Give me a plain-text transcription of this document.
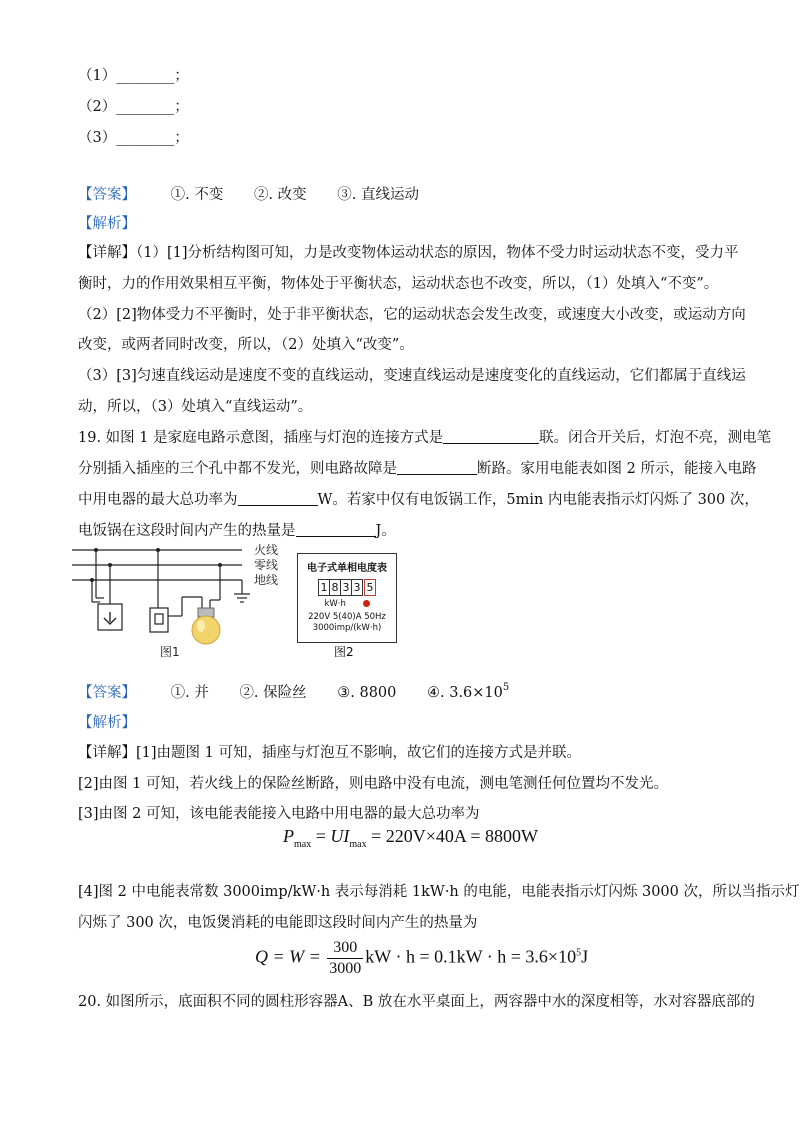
（1）________；
（2）________；
（3）________；
【答案】 ①. 不变 ②. 改变 ③. 直线运动
【解析】
【详解】（1）[1]分析结构图可知，力是改变物体运动状态的原因，物体不受力时运动状态不变，受力平
衡时，力的作用效果相互平衡，物体处于平衡状态，运动状态也不改变，所以，（1）处填入“不变”。
（2）[2]物体受力不平衡时，处于非平衡状态，它的运动状态会发生改变，或速度大小改变，或运动方向
改变，或两者同时改变，所以，（2）处填入“改变”。
（3）[3]匀速直线运动是速度不变的直线运动，变速直线运动是速度变化的直线运动，它们都属于直线运
动，所以，（3）处填入“直线运动”。
19. 如图 1 是家庭电路示意图，插座与灯泡的连接方式是	联。闭合开关后，灯泡不亮，测电笔
分别插入插座的三个孔中都不发光，则电路故障是	断路。家用电能表如图 2 所示，能接入电路
中用电器的最大总功率为	W。若家中仅有电饭锅工作，5min 内电能表指示灯闪烁了 300 次，
电饭锅在这段时间内产生的热量是	J。
火线
零线
地线
图1
电子式单相电度表
1 8 3 3 5
kW·h
220V 5(40)A 50Hz
3000imp/(kW·h)
图2
【答案】 ①. 并 ②. 保险丝 ③. 8800 ④. $3.6\times 10^5$
【解析】
【详解】[1]由题图 1 可知，插座与灯泡互不影响，故它们的连接方式是并联。
[2]由图 1 可知，若火线上的保险丝断路，则电路中没有电流，测电笔测任何位置均不发光。
[3]由图 2 可知，该电能表能接入电路中用电器的最大总功率为
$P_{max} = UI_{max} = 220V\times 40A = 8800W$
[4]图 2 中电能表常数 3000imp/kW·h 表示每消耗 1kW·h 的电能，电能表指示灯闪烁 3000 次，所以当指示灯
闪烁了 300 次，电饭煲消耗的电能即这段时间内产生的热量为
$Q = W = \frac{300}{3000}$ kW · $h = 0.1kW \cdot h = 3.6\times 10^5J$
20. 如图所示，底面积不同的圆柱形容器A、B 放在水平桌面上，两容器中水的深度相等，水对容器底部的
